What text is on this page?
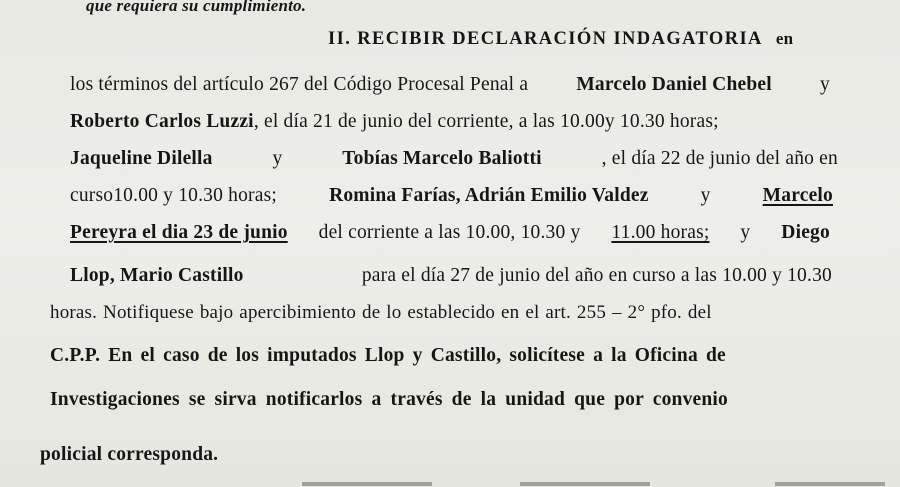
que requiera su cumplimiento.
II. RECIBIR DECLARACIÓN INDAGATORIA en
los términos del artículo 267 del Código Procesal Penal a Marcelo Daniel Chebel y
Roberto Carlos Luzzi, el día 21 de junio del corriente, a las 10.00y 10.30 horas;
Jaqueline Dilella	y	Tobías Marcelo Baliotti	, el día 22 de junio del año en
curso10.00 y 10.30 horas;	Romina Farías, Adrián Emilio Valdez	y	Marcelo
Pereyra el dia 23 de junio del corriente a las 10.00, 10.30 y 11.00 horas; y Diego
Llop, Mario Castillo	para el día 27 de junio del año en curso a las 10.00 y 10.30
horas. Notifiquese bajo apercibimiento de lo establecido en el art. 255 – 2° pfo. del
C.P.P. En el caso de los imputados Llop y Castillo, solicítese a la Oficina de
Investigaciones se sirva notificarlos a través de la unidad que por convenio
policial corresponda.
